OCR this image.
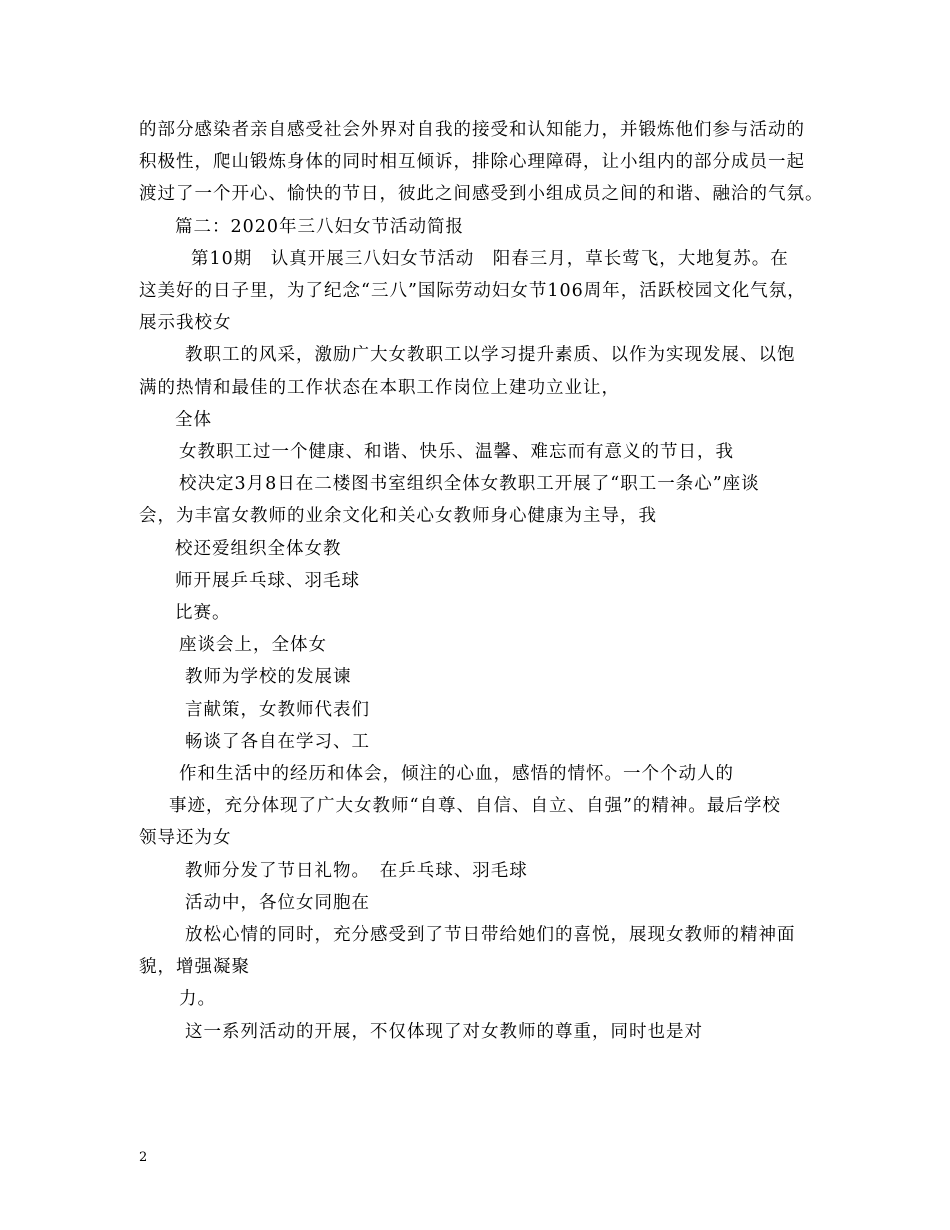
的部分感染者亲自感受社会外界对自我的接受和认知能力，并锻炼他们参与活动的
积极性，爬山锻炼身体的同时相互倾诉，排除心理障碍，让小组内的部分成员一起
渡过了一个开心、愉快的节日，彼此之间感受到小组成员之间的和谐、融洽的气氛。
篇二：2020年三八妇女节活动简报
第10期　认真开展三八妇女节活动　阳春三月，草长莺飞，大地复苏。在
这美好的日子里，为了纪念“三八”国际劳动妇女节106周年，活跃校园文化气氛，
展示我校女
教职工的风采，激励广大女教职工以学习提升素质、以作为实现发展、以饱
满的热情和最佳的工作状态在本职工作岗位上建功立业让，
全体
女教职工过一个健康、和谐、快乐、温馨、难忘而有意义的节日，我
校决定3月8日在二楼图书室组织全体女教职工开展了“职工一条心”座谈
会，为丰富女教师的业余文化和关心女教师身心健康为主导，我
校还爱组织全体女教
师开展乒乓球、羽毛球
比赛。
座谈会上，全体女
教师为学校的发展谏
言献策，女教师代表们
畅谈了各自在学习、工
作和生活中的经历和体会，倾注的心血，感悟的情怀。一个个动人的
事迹，充分体现了广大女教师“自尊、自信、自立、自强”的精神。最后学校
领导还为女
教师分发了节日礼物。　在乒乓球、羽毛球
活动中，各位女同胞在
放松心情的同时，充分感受到了节日带给她们的喜悦，展现女教师的精神面
貌，增强凝聚
力。
这一系列活动的开展，不仅体现了对女教师的尊重，同时也是对
2
